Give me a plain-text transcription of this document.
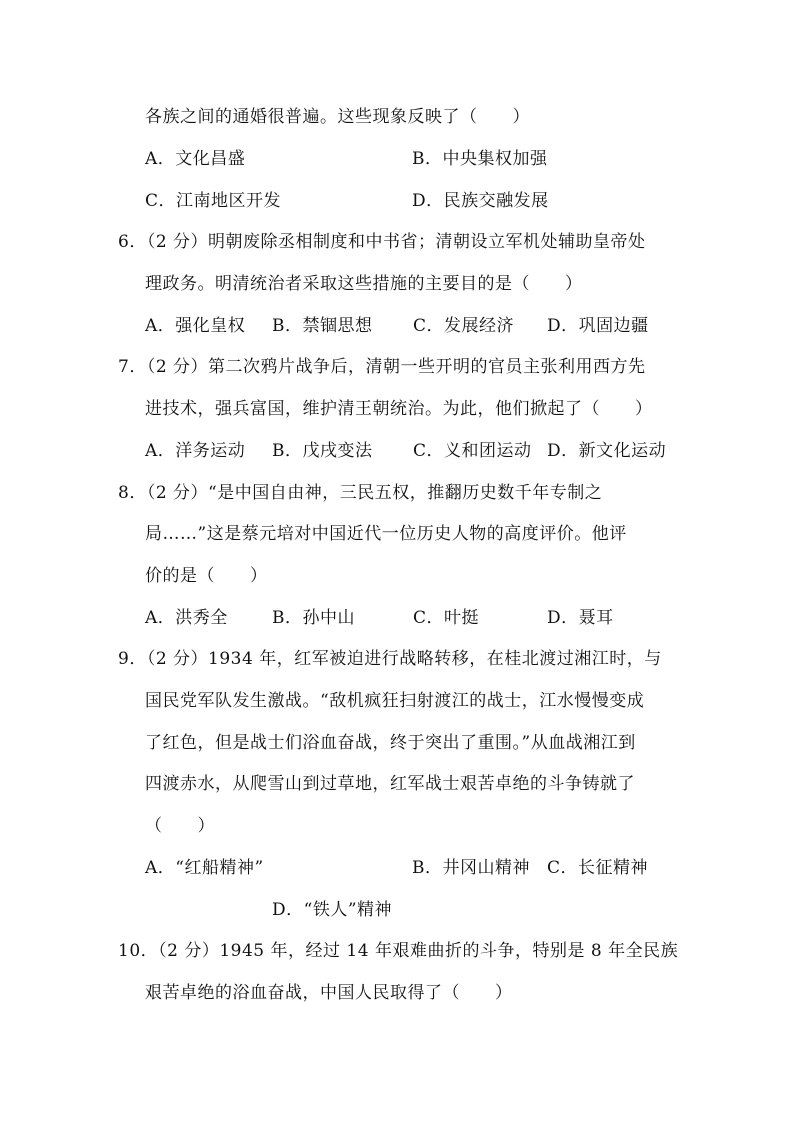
各族之间的通婚很普遍。这些现象反映了（　　）
A．文化昌盛	B．中央集权加强
C．江南地区开发	D．民族交融发展
6．（2 分）明朝废除丞相制度和中书省；清朝设立军机处辅助皇帝处
理政务。明清统治者采取这些措施的主要目的是（　　）
A．强化皇权 B．禁锢思想 C．发展经济 D．巩固边疆
7．（2 分）第二次鸦片战争后，清朝一些开明的官员主张利用西方先
进技术，强兵富国，维护清王朝统治。为此，他们掀起了（　　）
A．洋务运动 B．戊戌变法 C．义和团运动 D．新文化运动
8．（2 分）“是中国自由神，三民五权，推翻历史数千年专制之
局……”这是蔡元培对中国近代一位历史人物的高度评价。他评
价的是（　　）
A．洪秀全	B．孙中山	C．叶挺	D．聂耳
9．（2 分）1934 年，红军被迫进行战略转移，在桂北渡过湘江时，与
国民党军队发生激战。“敌机疯狂扫射渡江的战士，江水慢慢变成
了红色，但是战士们浴血奋战，终于突出了重围。”从血战湘江到
四渡赤水，从爬雪山到过草地，红军战士艰苦卓绝的斗争铸就了
（　　）
A．“红船精神”	B．井冈山精神 C．长征精神
D．“铁人”精神
10．（2 分）1945 年，经过 14 年艰难曲折的斗争，特别是 8 年全民族
艰苦卓绝的浴血奋战，中国人民取得了（　　）
